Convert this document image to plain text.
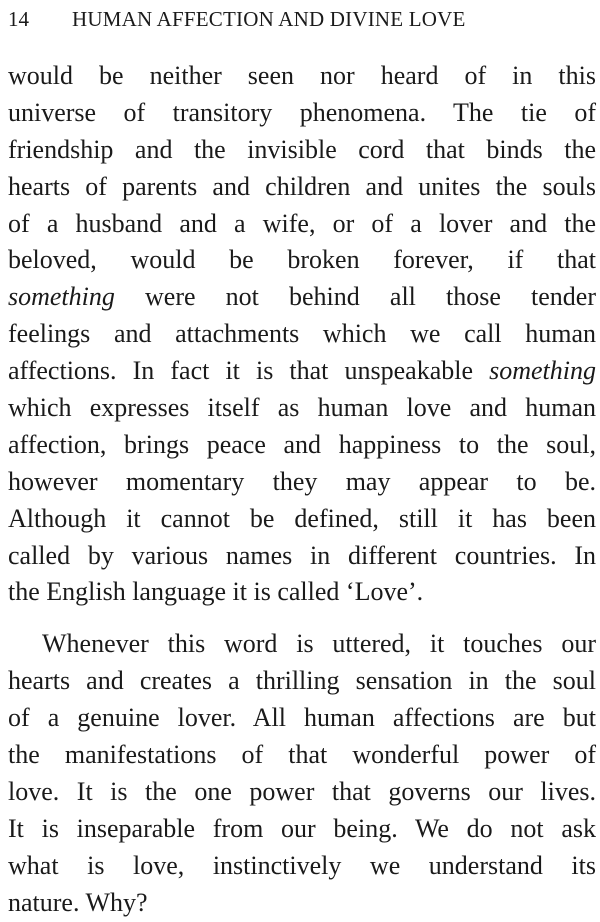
14 HUMAN AFFECTION AND DIVINE LOVE
would be neither seen nor heard of in this
universe of transitory phenomena. The tie of
friendship and the invisible cord that binds the
hearts of parents and children and unites the souls
of a husband and a wife, or of a lover and the
beloved, would be broken forever, if that
something were not behind all those tender
feelings and attachments which we call human
affections. In fact it is that unspeakable something
which expresses itself as human love and human
affection, brings peace and happiness to the soul,
however momentary they may appear to be.
Although it cannot be defined, still it has been
called by various names in different countries. In
the English language it is called ‘Love’.
Whenever this word is uttered, it touches our
hearts and creates a thrilling sensation in the soul
of a genuine lover. All human affections are but
the manifestations of that wonderful power of
love. It is the one power that governs our lives.
It is inseparable from our being. We do not ask
what is love, instinctively we understand its
nature. Why?
